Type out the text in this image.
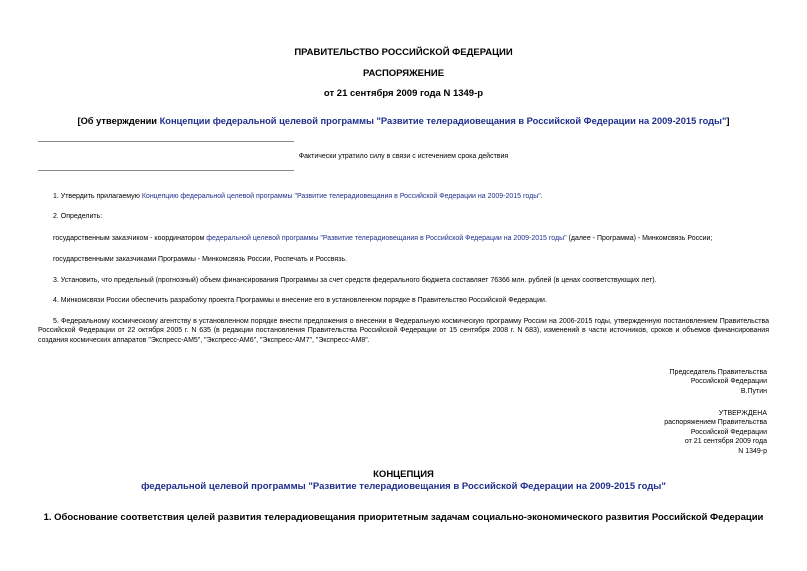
ПРАВИТЕЛЬСТВО РОССИЙСКОЙ ФЕДЕРАЦИИ
РАСПОРЯЖЕНИЕ
от 21 сентября 2009 года N 1349-р
[Об утверждении Концепции федеральной целевой программы "Развитие телерадиовещания в Российской Федерации на 2009-2015 годы"]
Фактически утратило силу в связи с истечением срока действия
1. Утвердить прилагаемую Концепцию федеральной целевой программы "Развитие телерадиовещания в Российской Федерации на 2009-2015 годы".
2. Определить:
государственным заказчиком - координатором федеральной целевой программы "Развитие телерадиовещания в Российской Федерации на 2009-2015 годы" (далее - Программа) - Минкомсвязь России;
государственными заказчиками Программы - Минкомсвязь России, Роспечать и Россвязь.
3. Установить, что предельный (прогнозный) объем финансирования Программы за счет средств федерального бюджета составляет 76366 млн. рублей (в ценах соответствующих лет).
4. Минкомсвязи России обеспечить разработку проекта Программы и внесение его в установленном порядке в Правительство Российской Федерации.
5. Федеральному космическому агентству в установленном порядке внести предложения о внесении в Федеральную космическую программу России на 2006-2015 годы, утвержденную постановлением Правительства Российской Федерации от 22 октября 2005 г. N 635 (в редакции постановления Правительства Российской Федерации от 15 сентября 2008 г. N 683), изменений в части источников, сроков и объемов финансирования создания космических аппаратов "Экспресс-АМ5", "Экспресс-АМ6", "Экспресс-АМ7", "Экспресс-АМ8".
Председатель Правительства
Российской Федерации
В.Путин
УТВЕРЖДЕНА
распоряжением Правительства
Российской Федерации
от 21 сентября 2009 года
N 1349-р
КОНЦЕПЦИЯ
федеральной целевой программы "Развитие телерадиовещания в Российской Федерации на 2009-2015 годы"
1. Обоснование соответствия целей развития телерадиовещания приоритетным задачам социально-экономического развития Российской Федерации
